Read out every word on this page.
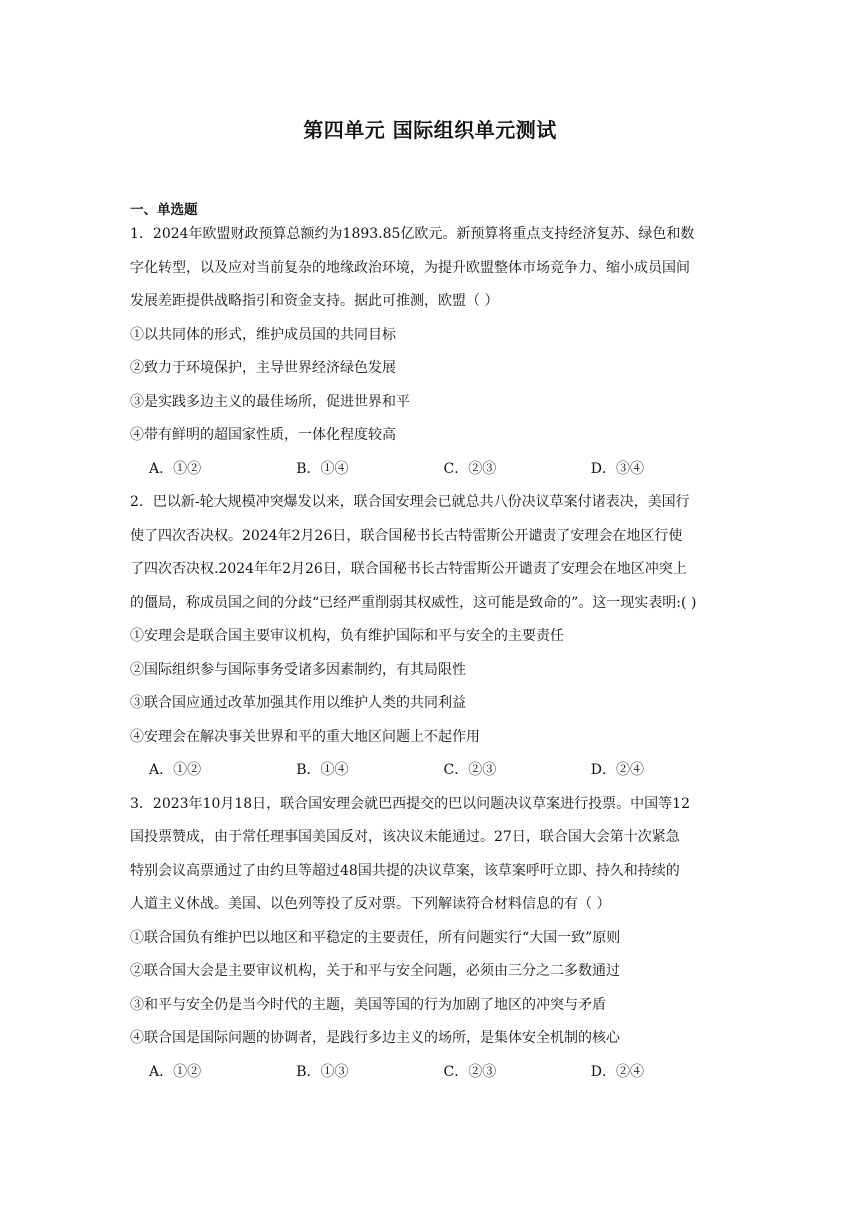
第四单元 国际组织单元测试
一、单选题
1．2024年欧盟财政预算总额约为1893.85亿欧元。新预算将重点支持经济复苏、绿色和数
字化转型，以及应对当前复杂的地缘政治环境，为提升欧盟整体市场竞争力、缩小成员国间
发展差距提供战略指引和资金支持。据此可推测，欧盟（ ）
①以共同体的形式，维护成员国的共同目标
②致力于环境保护，主导世界经济绿色发展
③是实践多边主义的最佳场所，促进世界和平
④带有鲜明的超国家性质，一体化程度较高
A．①②	B．①④	C．②③	D．③④
2．巴以新-轮大规模冲突爆发以来，联合国安理会已就总共八份决议草案付诸表决，美国行
使了四次否决权。2024年2月26日，联合国秘书长古特雷斯公开谴责了安理会在地区行使
了四次否决权.2024年年2月26日，联合国秘书长古特雷斯公开谴责了安理会在地区冲突上
的僵局，称成员国之间的分歧“已经严重削弱其权威性，这可能是致命的”。这一现实表明:( )
①安理会是联合国主要审议机构，负有维护国际和平与安全的主要责任
②国际组织参与国际事务受诸多因素制约，有其局限性
③联合国应通过改革加强其作用以维护人类的共同利益
④安理会在解决事关世界和平的重大地区问题上不起作用
A．①②	B．①④	C．②③	D．②④
3．2023年10月18日，联合国安理会就巴西提交的巴以问题决议草案进行投票。中国等12
国投票赞成，由于常任理事国美国反对，该决议未能通过。27日，联合国大会第十次紧急
特别会议高票通过了由约旦等超过48国共提的决议草案，该草案呼吁立即、持久和持续的
人道主义休战。美国、以色列等投了反对票。下列解读符合材料信息的有（ ）
①联合国负有维护巴以地区和平稳定的主要责任，所有问题实行“大国一致”原则
②联合国大会是主要审议机构，关于和平与安全问题，必须由三分之二多数通过
③和平与安全仍是当今时代的主题，美国等国的行为加剧了地区的冲突与矛盾
④联合国是国际问题的协调者，是践行多边主义的场所，是集体安全机制的核心
A．①②	B．①③	C．②③	D．②④
